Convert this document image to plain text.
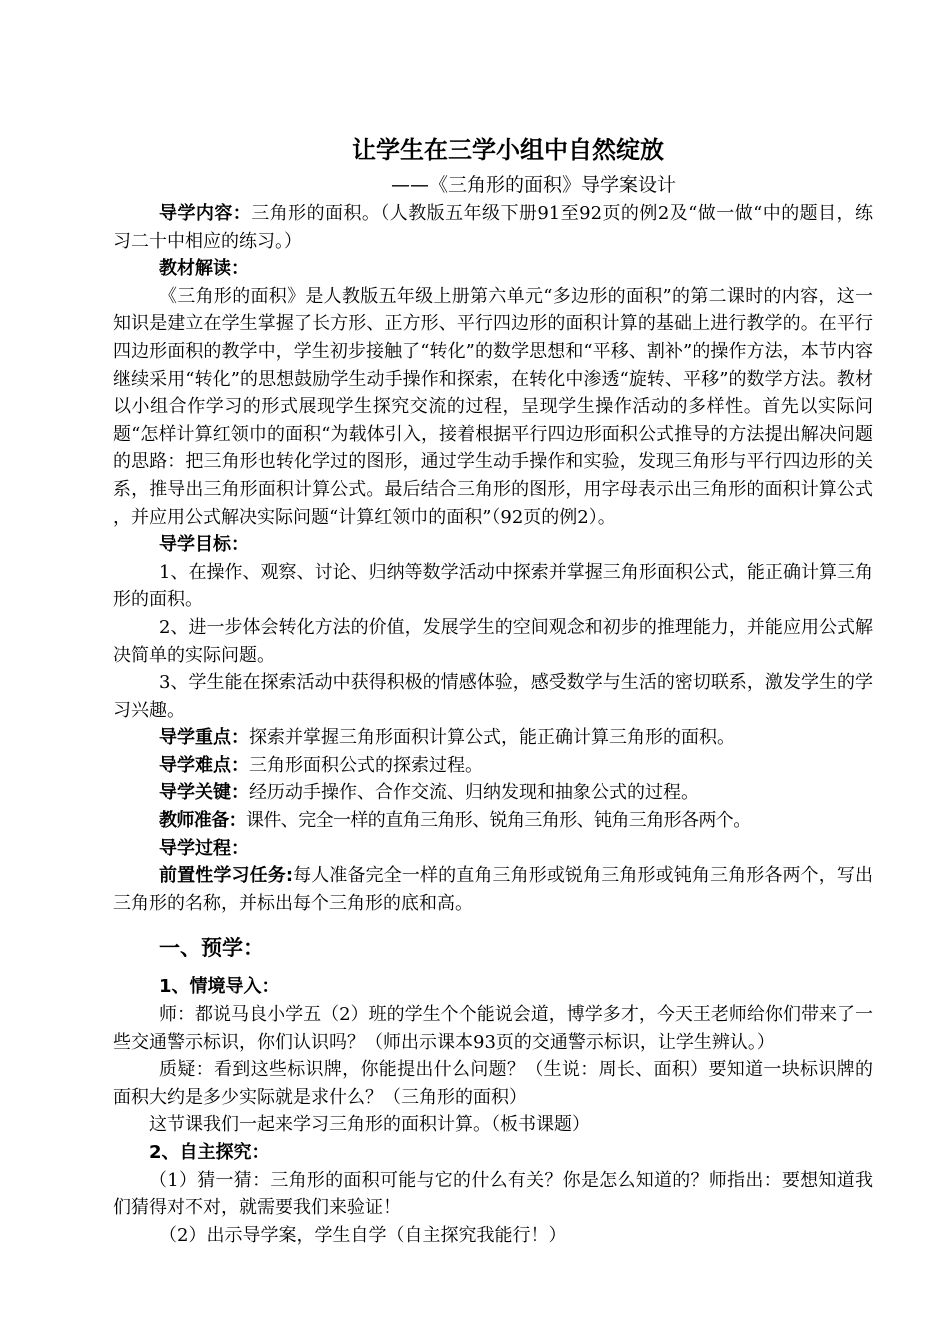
让学生在三学小组中自然绽放
——《三角形的面积》导学案设计

导学内容：三角形的面积。（人教版五年级下册91至92页的例2及“做一做“中的题目，练习二十中相应的练习。）

教材解读：

《三角形的面积》是人教版五年级上册第六单元“多边形的面积”的第二课时的内容，这一知识是建立在学生掌握了长方形、正方形、平行四边形的面积计算的基础上进行教学的。在平行四边形面积的教学中，学生初步接触了“转化”的数学思想和“平移、割补”的操作方法，本节内容继续采用“转化”的思想鼓励学生动手操作和探索，在转化中渗透“旋转、平移”的数学方法。教材以小组合作学习的形式展现学生探究交流的过程，呈现学生操作活动的多样性。首先以实际问题“怎样计算红领巾的面积“为载体引入，接着根据平行四边形面积公式推导的方法提出解决问题的思路：把三角形也转化学过的图形，通过学生动手操作和实验，发现三角形与平行四边形的关系，推导出三角形面积计算公式。最后结合三角形的图形，用字母表示出三角形的面积计算公式 ，并应用公式解决实际问题“计算红领巾的面积”（92页的例2）。

导学目标：

1、在操作、观察、讨论、归纳等数学活动中探索并掌握三角形面积公式，能正确计算三角形的面积。

2、进一步体会转化方法的价值，发展学生的空间观念和初步的推理能力，并能应用公式解决简单的实际问题。

3、学生能在探索活动中获得积极的情感体验，感受数学与生活的密切联系，激发学生的学习兴趣。

导学重点：探索并掌握三角形面积计算公式，能正确计算三角形的面积。

导学难点：三角形面积公式的探索过程。

导学关键：经历动手操作、合作交流、归纳发现和抽象公式的过程。

教师准备：课件、完全一样的直角三角形、锐角三角形、钝角三角形各两个。

导学过程：

前置性学习任务:每人准备完全一样的直角三角形或锐角三角形或钝角三角形各两个，写出三角形的名称，并标出每个三角形的底和高。

一、预学：

1、情境导入：

师：都说马良小学五（2）班的学生个个能说会道，博学多才，今天王老师给你们带来了一些交通警示标识，你们认识吗？（师出示课本93页的交通警示标识，让学生辨认。）

质疑：看到这些标识牌，你能提出什么问题？（生说：周长、面积）要知道一块标识牌的面积大约是多少实际就是求什么？（三角形的面积）

这节课我们一起来学习三角形的面积计算。（板书课题）

2、自主探究：

（1）猜一猜：三角形的面积可能与它的什么有关？你是怎么知道的？师指出：要想知道我们猜得对不对，就需要我们来验证！

（2）出示导学案，学生自学（自主探究我能行！）
